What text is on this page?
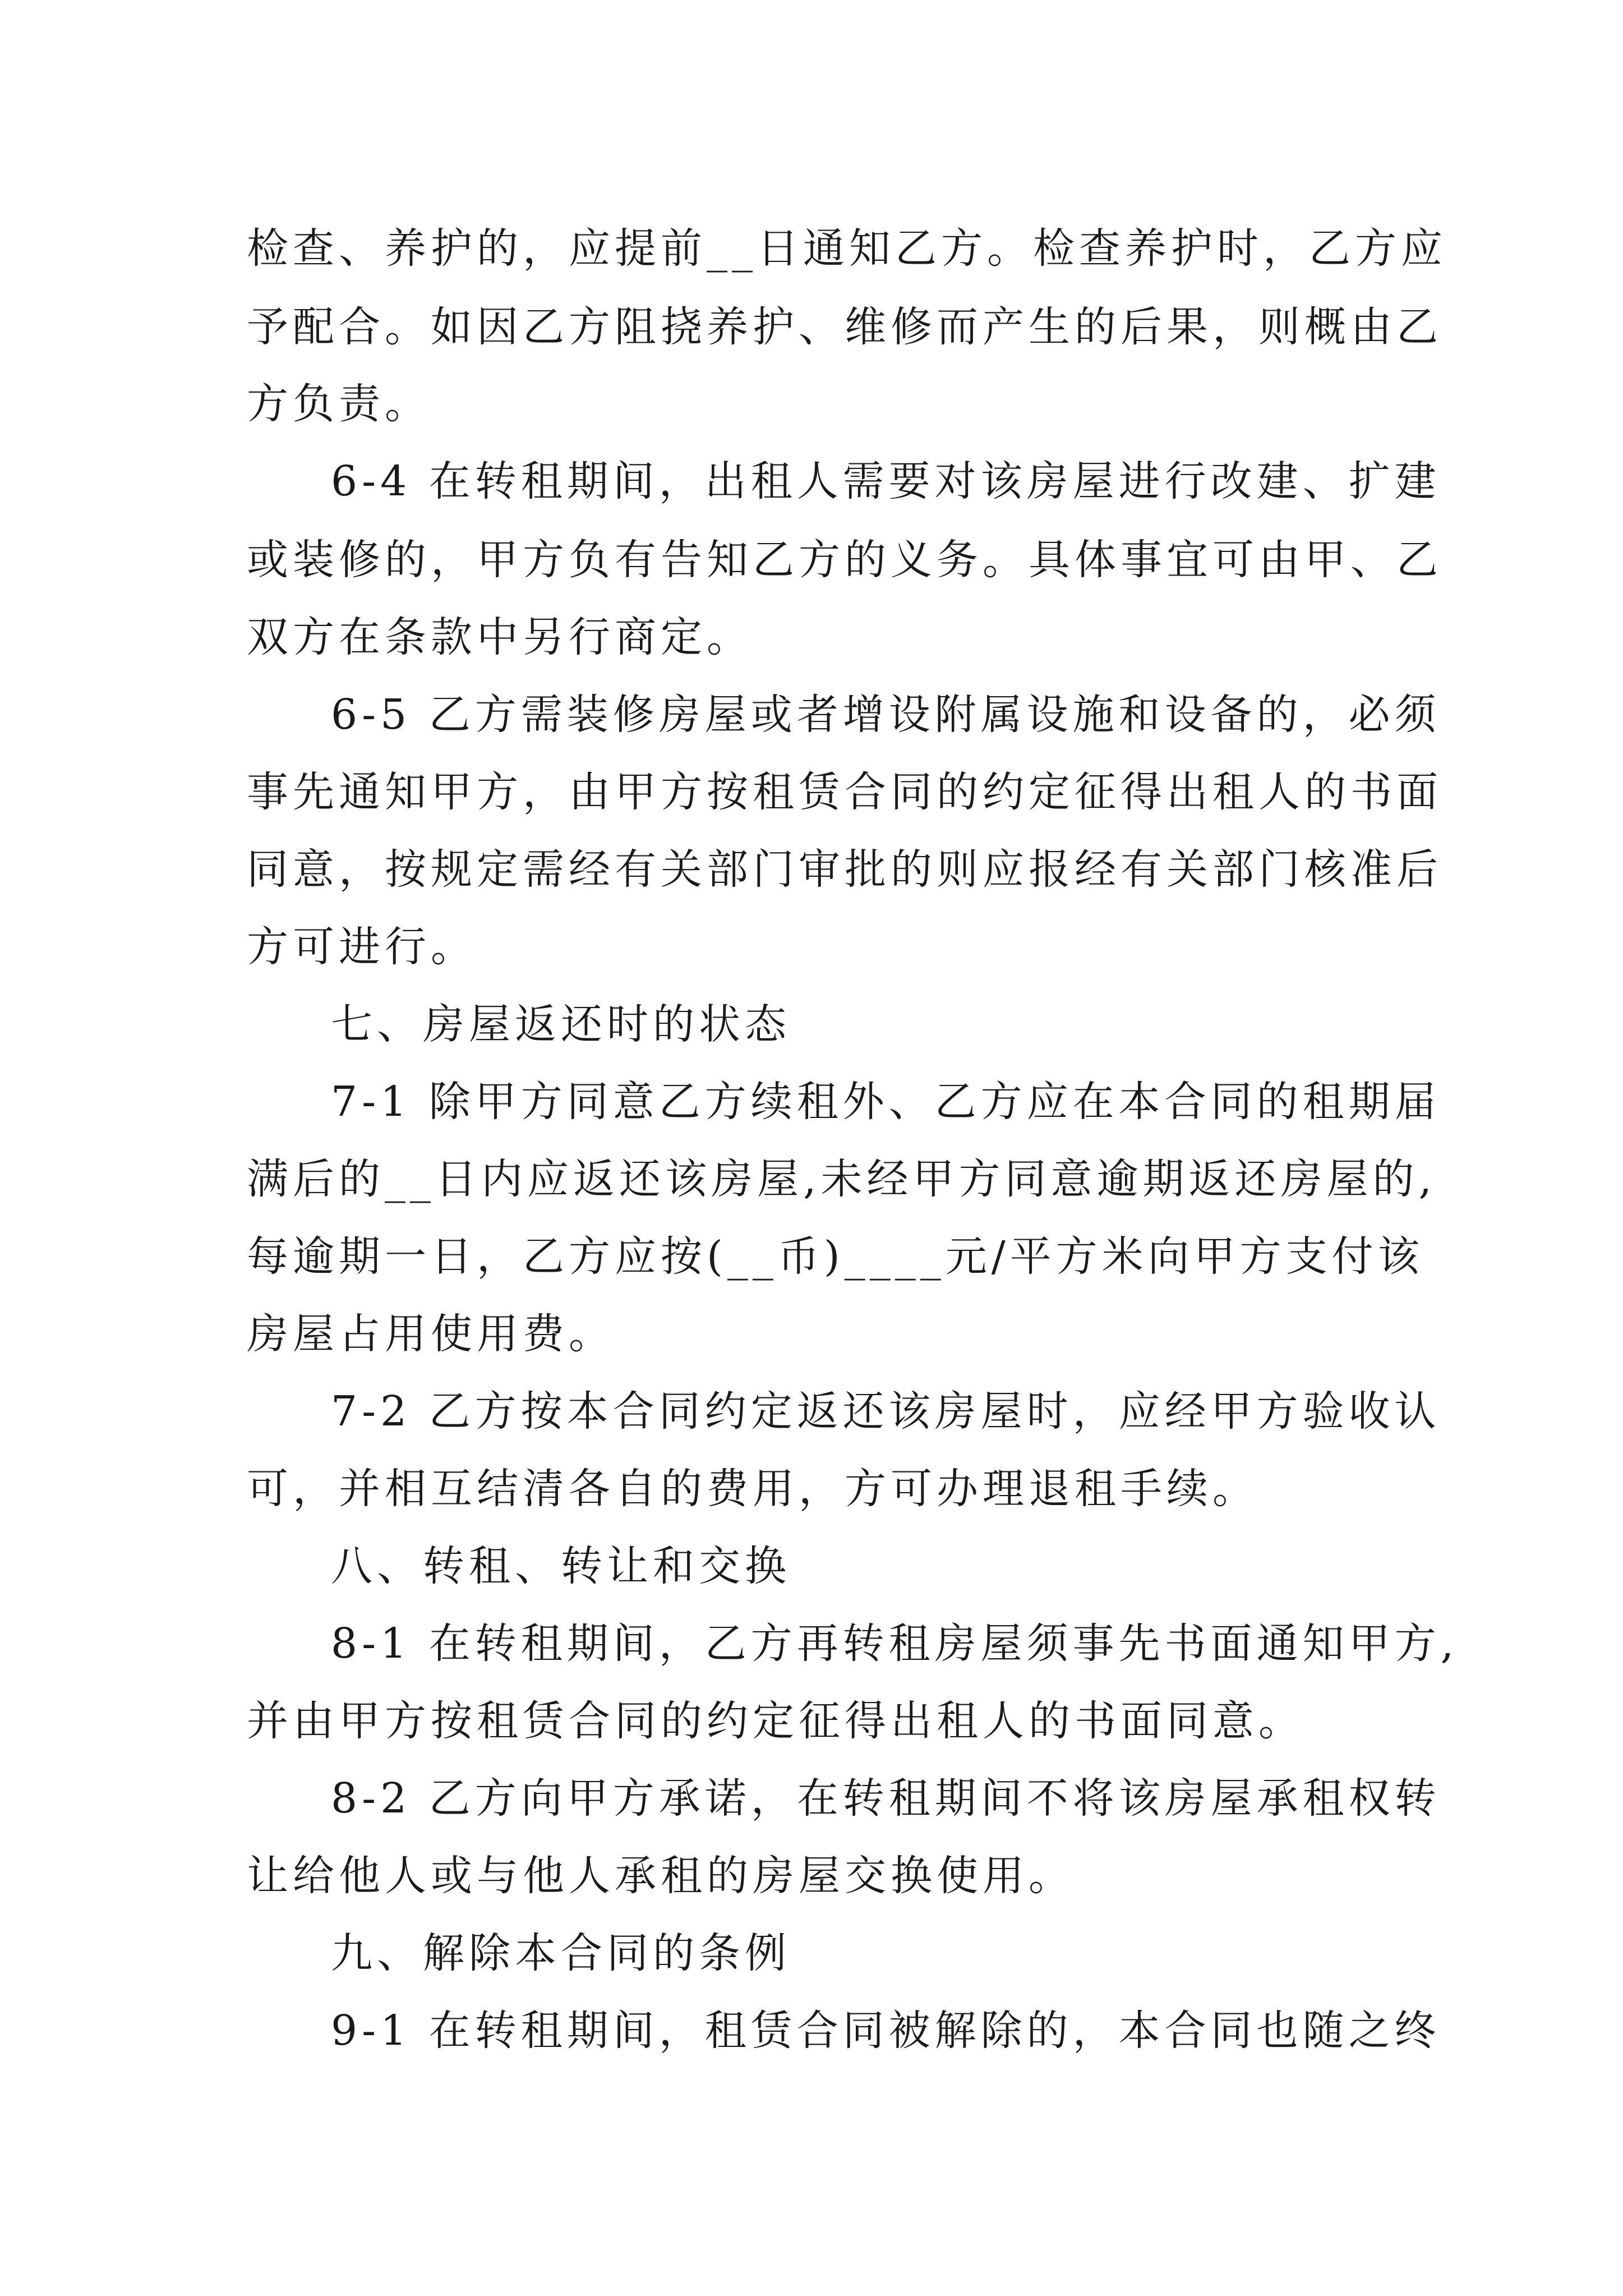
检查、养护的，应提前__日通知乙方。检查养护时，乙方应
予配合。如因乙方阻挠养护、维修而产生的后果，则概由乙
方负责。
6-4 在转租期间，出租人需要对该房屋进行改建、扩建
或装修的，甲方负有告知乙方的义务。具体事宜可由甲、乙
双方在条款中另行商定。
6-5 乙方需装修房屋或者增设附属设施和设备的，必须
事先通知甲方，由甲方按租赁合同的约定征得出租人的书面
同意，按规定需经有关部门审批的则应报经有关部门核准后
方可进行。
七、房屋返还时的状态
7-1 除甲方同意乙方续租外、乙方应在本合同的租期届
满后的__日内应返还该房屋,未经甲方同意逾期返还房屋的,
每逾期一日，乙方应按(__币)____元/平方米向甲方支付该
房屋占用使用费。
7-2 乙方按本合同约定返还该房屋时，应经甲方验收认
可，并相互结清各自的费用，方可办理退租手续。
八、转租、转让和交换
8-1 在转租期间，乙方再转租房屋须事先书面通知甲方,
并由甲方按租赁合同的约定征得出租人的书面同意。
8-2 乙方向甲方承诺，在转租期间不将该房屋承租权转
让给他人或与他人承租的房屋交换使用。
九、解除本合同的条例
9-1 在转租期间，租赁合同被解除的，本合同也随之终
